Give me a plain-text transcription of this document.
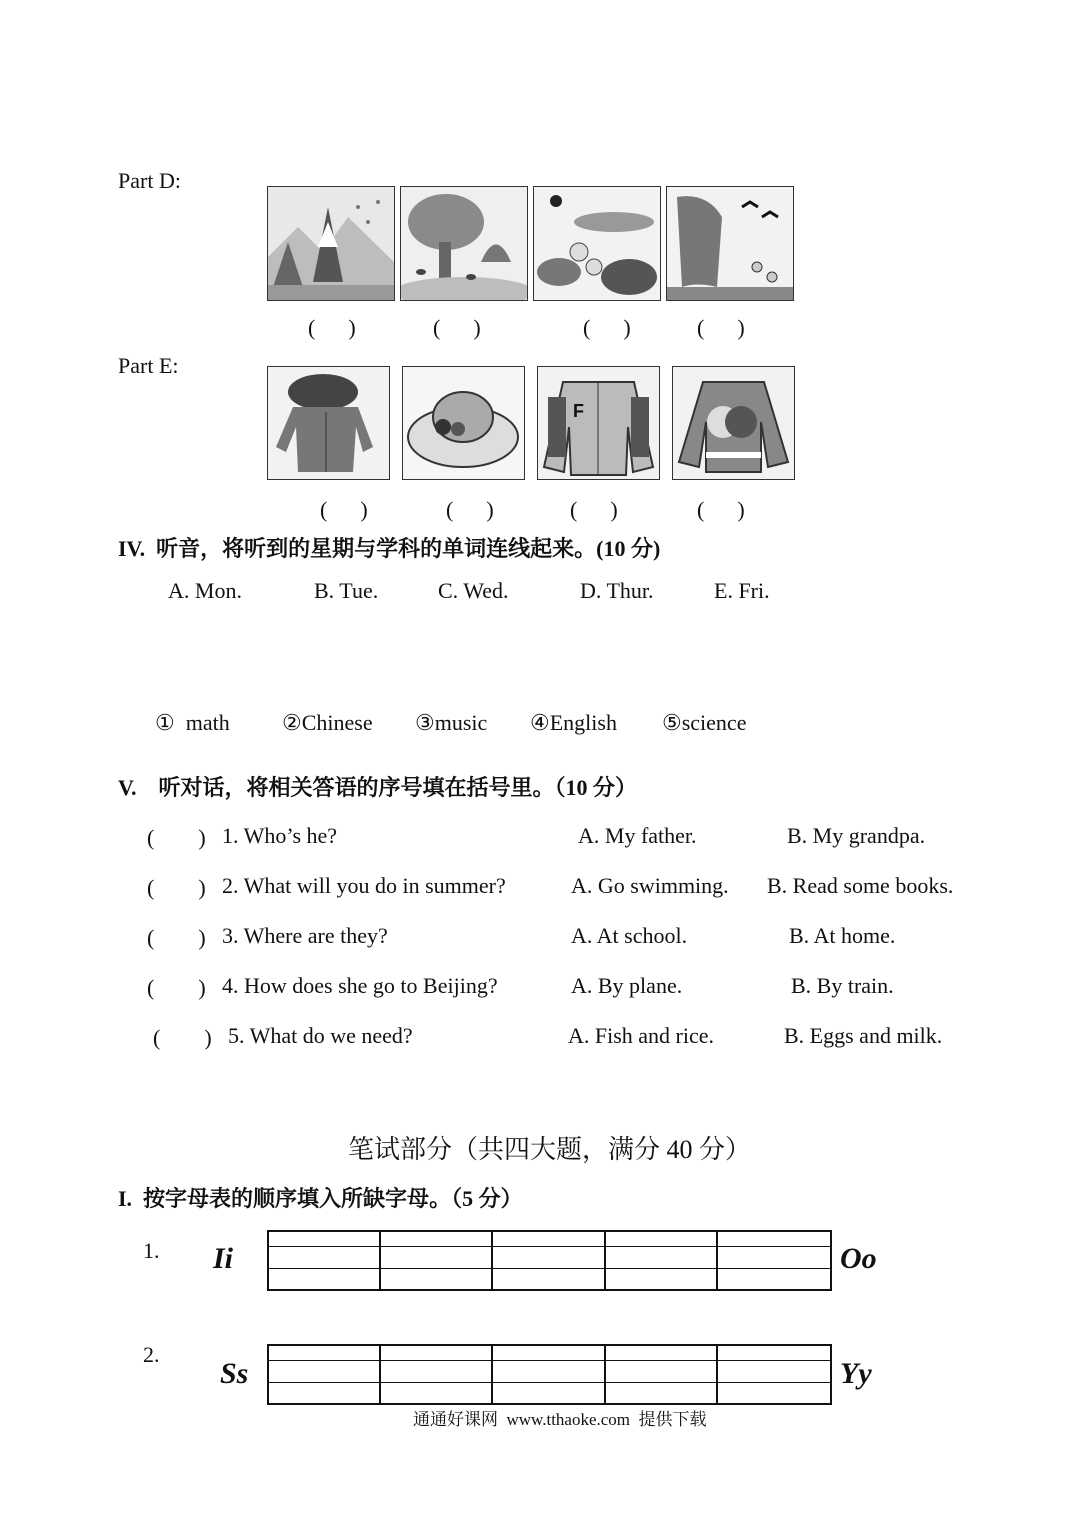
Part D:
(      )	(      )	(      )	(      )
Part E:
F
(      )	(      )	(      )	(      )
IV.  听音，将听到的星期与学科的单词连线起来。(10 分)
A. Mon.	B. Tue.	C. Wed.	D. Thur.	E. Fri.
①  math ②Chinese ③music ④English ⑤science
V.    听对话，将相关答语的序号填在括号里。（10 分）
(        ) 1. Who’s he?	A. My father.	B. My grandpa.
(        ) 2. What will you do in summer?	A. Go swimming. B. Read some books.
(        ) 3. Where are they?	A. At school.	B. At home.
(        ) 4. How does she go to Beijing?	A. By plane.	B. By train.
(        ) 5. What do we need?	A. Fish and rice.	B. Eggs and milk.
笔试部分（共四大题，满分 40 分）
I.  按字母表的顺序填入所缺字母。（5 分）
1. Ii	Oo
2.
Ss	Yy
通通好课网  www.tthaoke.com  提供下载
